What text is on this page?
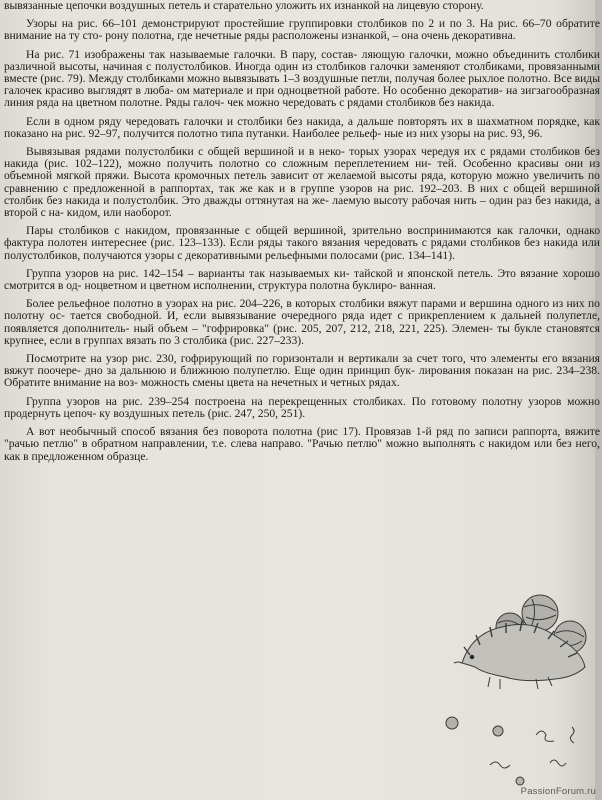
вывязанные цепочки воздушных петель и старательно уложить их изнанкой на лицевую сторону.

Узоры на рис. 66–101 демонстрируют простейшие группировки столбиков по 2 и по 3. На рис. 66–70 обратите внимание на ту сто- рону полотна, где нечетные ряды расположены изнанкой, – она очень декоративна.

На рис. 71 изображены так называемые галочки. В пару, состав- ляющую галочки, можно объединить столбики различной высоты, начиная с полустолбиков. Иногда один из столбиков галочки заменяют столбиками, провязанными вместе (рис. 79). Между столбиками можно вывязывать 1–3 воздушные петли, получая более рыхлое полотно. Все виды галочек красиво выглядят в люба- ом материале и при одноцветной работе. Но особенно декоратив- на зигзагообразная линия ряда на цветном полотне. Ряды галоч- чек можно чередовать с рядами столбиков без накида.

Если в одном ряду чередовать галочки и столбики без накида, а дальше повторять их в шахматном порядке, как показано на рис. 92–97, получится полотно типа путанки. Наиболее рельеф- ные из них узоры на рис. 93, 96.

Вывязывая рядами полустолбики с общей вершиной и в неко- торых узорах чередуя их с рядами столбиков без накида (рис. 102–122), можно получить полотно со сложным переплетением ни- тей. Особенно красивы они из объемной мягкой пряжи. Высота кромочных петель зависит от желаемой высоты ряда, которую можно увеличить по сравнению с предложенной в раппортах, так же как и в группе узоров на рис. 192–203. В них с общей вершиной столбик без накида и полустолбик. Это дважды оттянутая на же- лаемую высоту рабочая нить – один раз без накида, а второй с на- кидом, или наоборот.

Пары столбиков с накидом, провязанные с общей вершиной, зрительно воспринимаются как галочки, однако фактура полотен интереснее (рис. 123–133). Если ряды такого вязания чередовать с рядами столбиков без накида или полустолбиков, получаются узоры с декоративными рельефными полосами (рис. 134–141).

Группа узоров на рис. 142–154 – варианты так называемых ки- тайской и японской петель. Это вязание хорошо смотрится в од- ноцветном и цветном исполнении, структура полотна буклиро- ванная.

Более рельефное полотно в узорах на рис. 204–226, в которых столбики вяжут парами и вершина одного из них по полотну ос- тается свободной. И, если вывязывание очередного ряда идет с прикреплением к дальней полупетле, появляется дополнитель- ный объем – "гофрировка" (рис. 205, 207, 212, 218, 221, 225). Элемен- ты букле становятся крупнее, если в группах вязать по 3 столбика (рис. 227–233).

Посмотрите на узор рис. 230, гофрирующий по горизонтали и вертикали за счет того, что элементы его вязания вяжут поочере- дно за дальнюю и ближнюю полупетлю. Еще один принцип бук- лирования показан на рис. 234–238. Обратите внимание на воз- можность смены цвета на нечетных и четных рядах.

Группа узоров на рис. 239–254 построена на перекрещенных столбиках. По готовому полотну узоров можно продернуть цепоч- ку воздушных петель (рис. 247, 250, 251).

А вот необычный способ вязания без поворота полотна (рис 17). Провязав 1-й ряд по записи раппорта, вяжите "рачью петлю" в обратном направлении, т.е. слева направо. "Рачью петлю" можно выполнять с накидом или без него, как в предложенном образце.

PassionForum.ru
